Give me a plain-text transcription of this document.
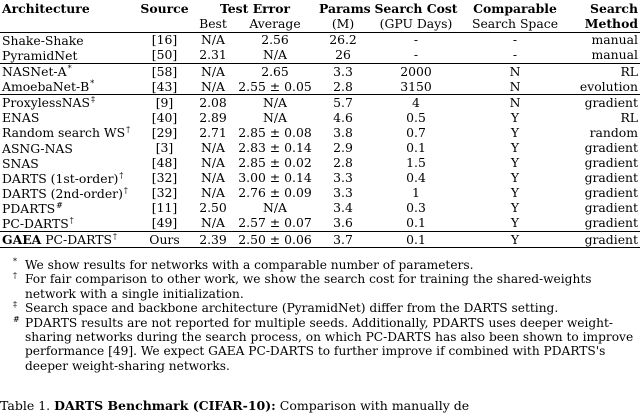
Architecture	Source	Test Error		Params	Search Cost	Comparable	Search
		Best	Average	(M)	(GPU Days)	Search Space	Method
Shake-Shake	[16]	N/A	2.56	26.2	-	-	manual
PyramidNet	[50]	2.31	N/A	26	-	-	manual
NASNet-A*	[58]	N/A	2.65	3.3	2000	N	RL
AmoebaNet-B*	[43]	N/A	2.55 ± 0.05	2.8	3150	N	evolution
ProxylessNAS‡	[9]	2.08	N/A	5.7	4	N	gradient
ENAS	[40]	2.89	N/A	4.6	0.5	Y	RL
Random search WS†	[29]	2.71	2.85 ± 0.08	3.8	0.7	Y	random
ASNG-NAS	[3]	N/A	2.83 ± 0.14	2.9	0.1	Y	gradient
SNAS	[48]	N/A	2.85 ± 0.02	2.8	1.5	Y	gradient
DARTS (1st-order)†	[32]	N/A	3.00 ± 0.14	3.3	0.4	Y	gradient
DARTS (2nd-order)†	[32]	N/A	2.76 ± 0.09	3.3	1	Y	gradient
PDARTS#	[11]	2.50	N/A	3.4	0.3	Y	gradient
PC-DARTS†	[49]	N/A	2.57 ± 0.07	3.6	0.1	Y	gradient
GAEA PC-DARTS†	Ours	2.39	2.50 ± 0.06	3.7	0.1	Y	gradient
* We show results for networks with a comparable number of parameters.
† For fair comparison to other work, we show the search cost for training the shared-weights network with a single initialization.
‡ Search space and backbone architecture (PyramidNet) differ from the DARTS setting.
# PDARTS results are not reported for multiple seeds. Additionally, PDARTS uses deeper weight-sharing networks during the search process, on which PC-DARTS has also been shown to improve performance [49]. We expect GAEA PC-DARTS to further improve if combined with PDARTS's deeper weight-sharing networks.
Table 1. DARTS Benchmark (CIFAR-10): Comparison with manually de
